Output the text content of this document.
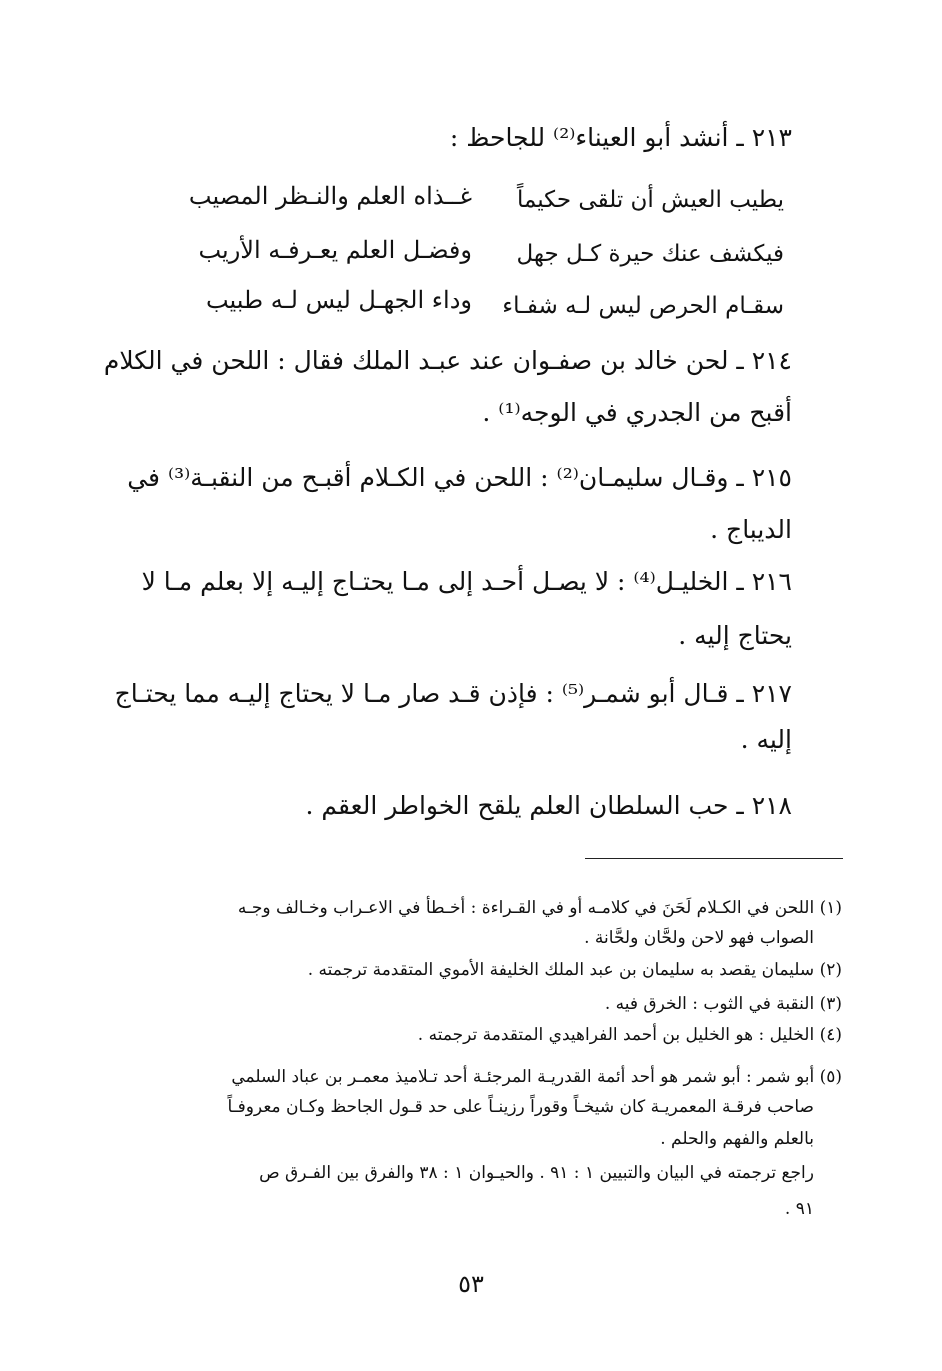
٢١٣ ـ أنشد أبو العيناء⁽²⁾ للجاحظ :
يطيب العيش أن تلقى حكيماً
غــذاه العلم والنـظر المصيب
فيكشف عنك حيرة كـل جهل
وفضـل العلم يعـرفـه الأريب
سقـام الحرص ليس لـه شفـاء
وداء الجهـل ليس لـه طبيب
٢١٤ ـ لحن خالد بن صفـوان عند عبـد الملك فقال : اللحن في الكلام
أقبح من الجدري في الوجه⁽¹⁾ .
٢١٥ ـ وقـال سليمـان⁽²⁾ : اللحن في الكـلام أقبـح من النقبـة⁽³⁾ في
الديباج .
٢١٦ ـ الخليـل⁽⁴⁾ : لا يصـل أحـد إلى مـا يحتـاج إليـه إلا بعلم مـا لا
يحتاج إليه .
٢١٧ ـ قـال أبو شمـر⁽⁵⁾ : فإذن قـد صار مـا لا يحتاج إليـه مما يحتـاج
إليه .
٢١٨ ـ حب السلطان العلم يلقح الخواطر العقم .
(١) اللحن في الكـلام لَحَنَ في كلامـه أو في القـراءة : أخـطأ في الاعـراب وخـالف وجـه
الصواب فهو لاحن ولحَّان ولحَّانة .
(٢) سليمان يقصد به سليمان بن عبد الملك الخليفة الأموي المتقدمة ترجمته .
(٣) النقبة في الثوب : الخرق فيه .
(٤) الخليل : هو الخليل بن أحمد الفراهيدي المتقدمة ترجمته .
(٥) أبو شمر : أبو شمر هو أحد أئمة القدريـة المرجئـة أحد تـلاميذ معمـر بن عباد السلمي
صاحب فرقـة المعمريـة كان شيخـاً وقوراً رزينـاً على حد قـول الجاحظ وكـان معروفـاً
بالعلم والفهم والحلم .
راجع ترجمته في البيان والتبيين ١ : ٩١ . والحيـوان ١ : ٣٨ والفرق بين الفـرق ص
٩١ .
٥٣
